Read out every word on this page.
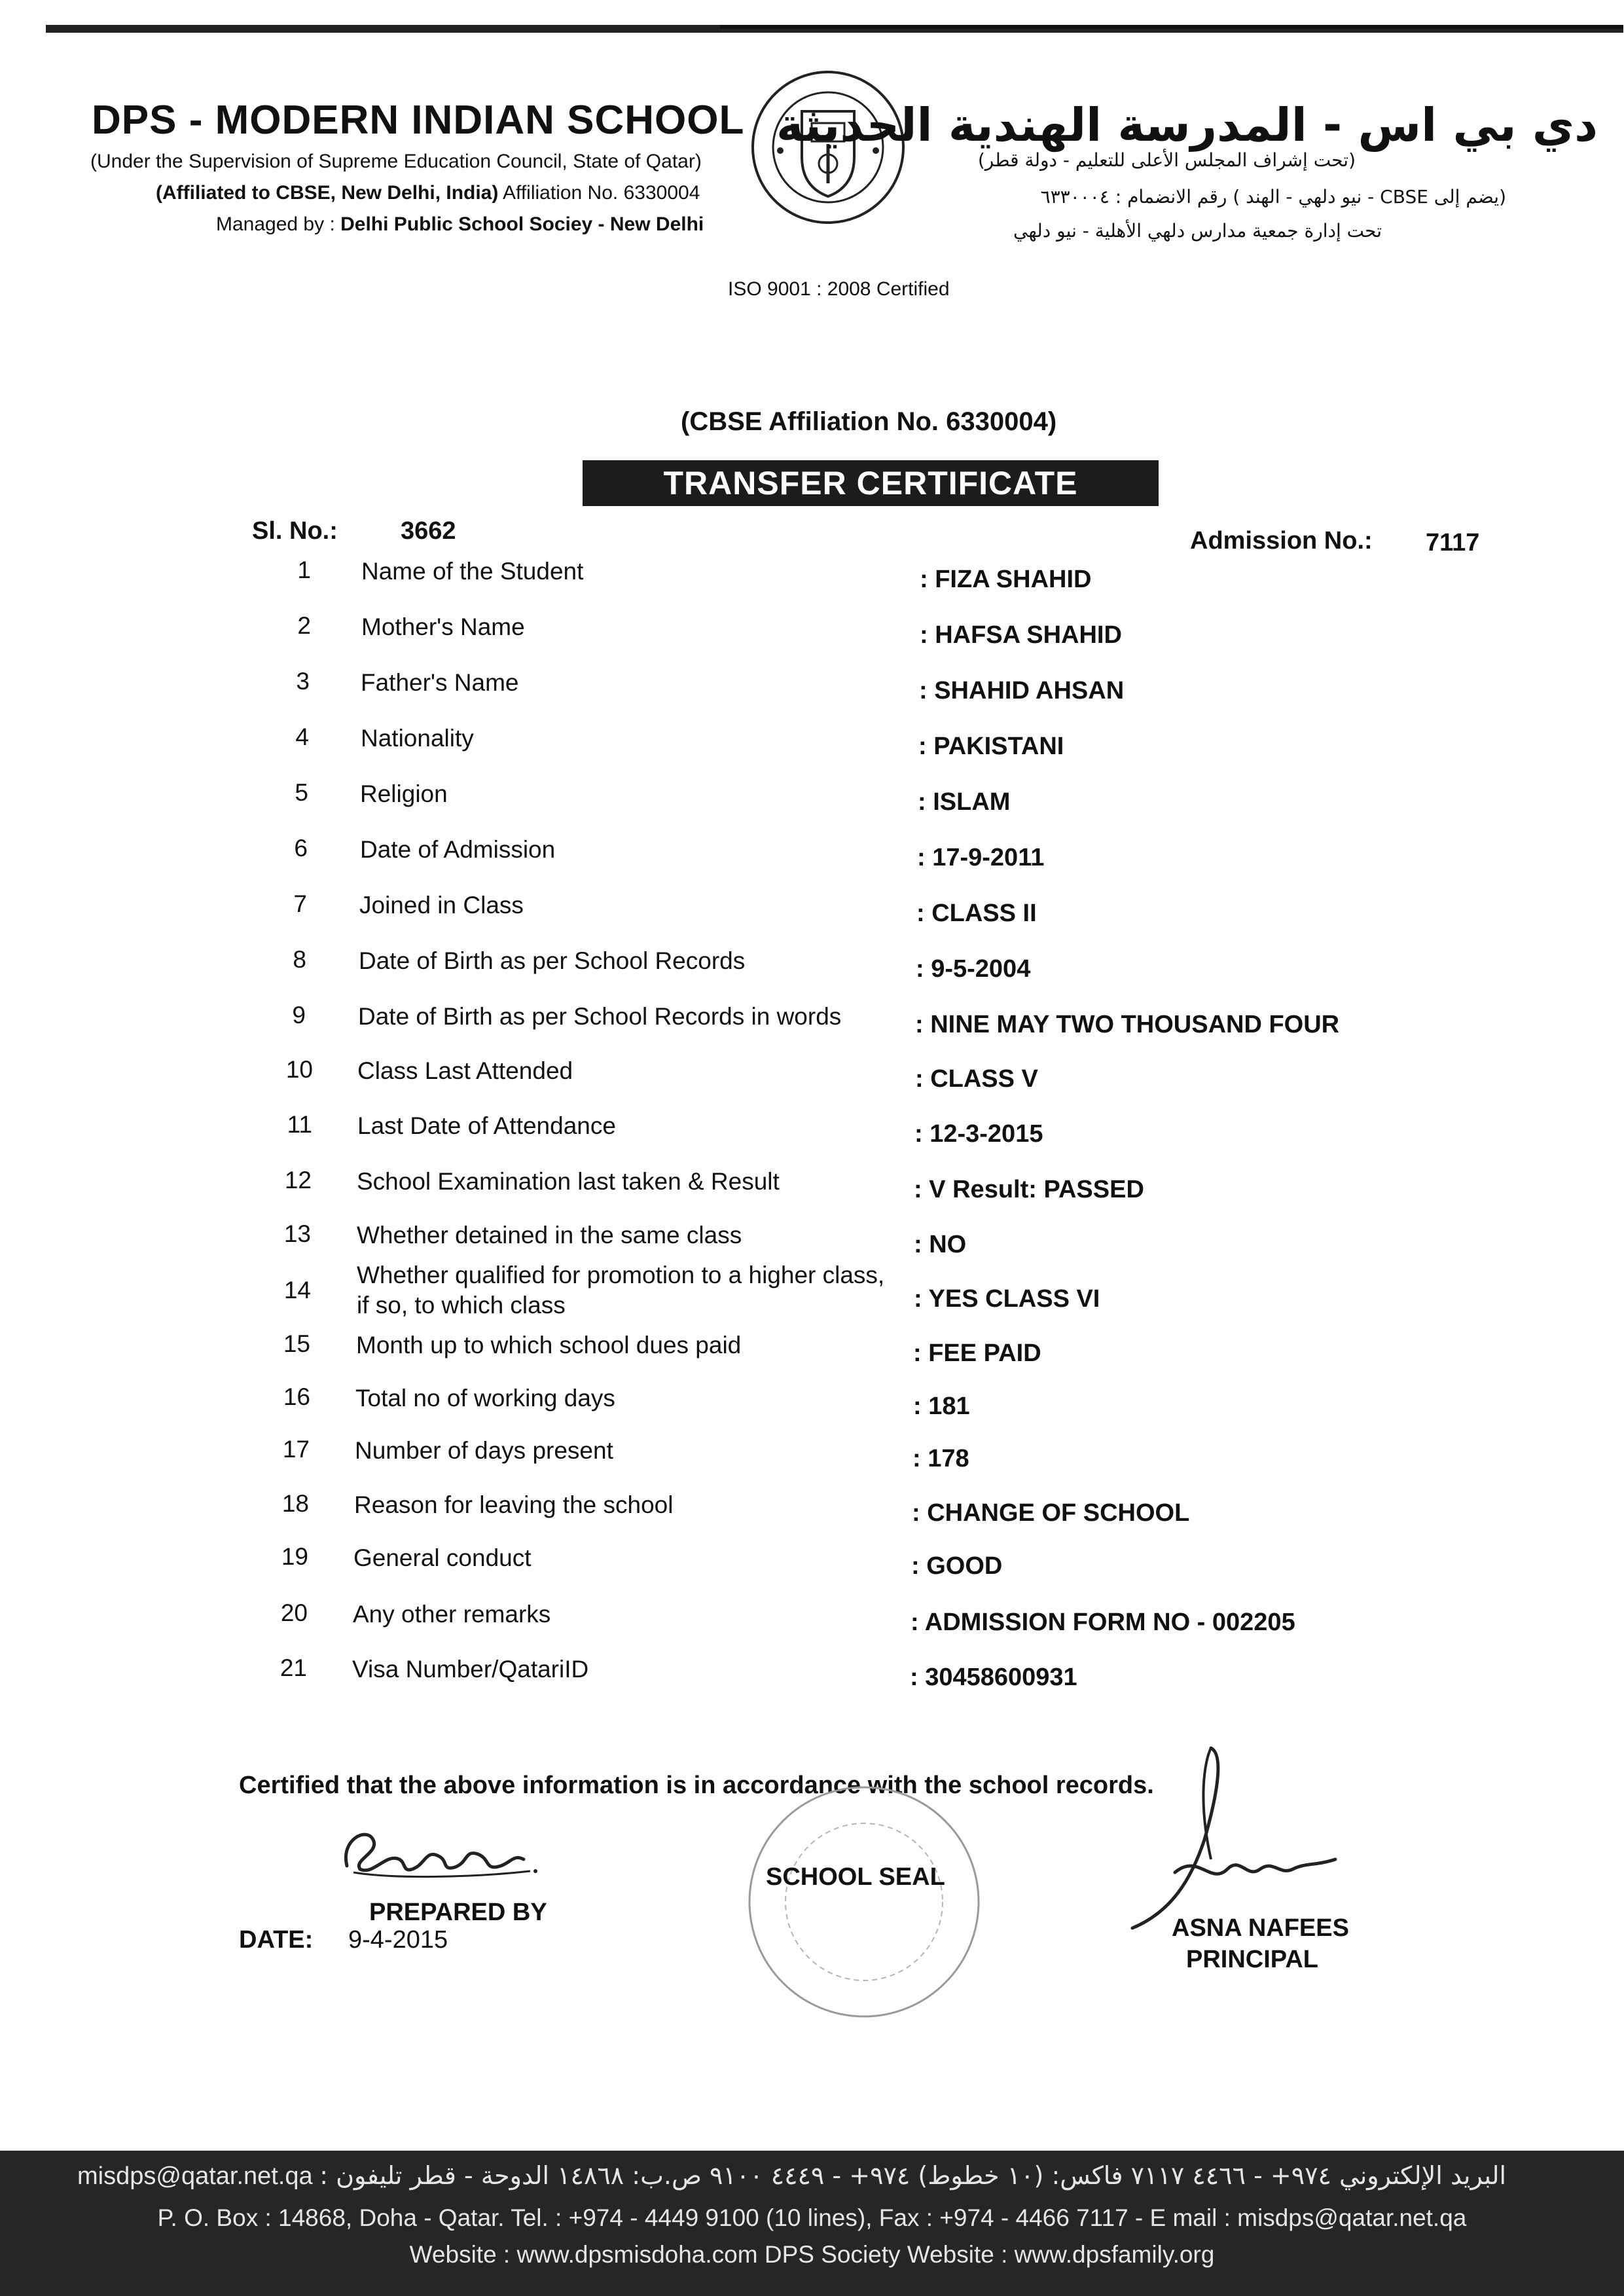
DPS - MODERN INDIAN SCHOOL
(Under the Supervision of Supreme Education Council, State of Qatar)
(Affiliated to CBSE, New Delhi, India) Affiliation No. 6330004
Managed by : Delhi Public School Sociey - New Delhi
ISO 9001 : 2008 Certified
دي بي اس - المدرسة الهندية الحديثة
(تحت إشراف المجلس الأعلى للتعليم - دولة قطر)
(يضم إلى CBSE - نيو دلهي - الهند ) رقم الانضمام : ٦٣٣٠٠٠٤
تحت إدارة جمعية مدارس دلهي الأهلية - نيو دلهي
(CBSE Affiliation No. 6330004)
TRANSFER CERTIFICATE
Sl. No.:	3662	Admission No.: 7117
1 Name of the Student	: FIZA SHAHID
2 Mother's Name	: HAFSA SHAHID
3 Father's Name	: SHAHID AHSAN
4 Nationality	: PAKISTANI
5 Religion	: ISLAM
6 Date of Admission	: 17-9-2011
7 Joined in Class	: CLASS II
8 Date of Birth as per School Records	: 9-5-2004
9 Date of Birth as per School Records in words	: NINE MAY TWO THOUSAND FOUR
10 Class Last Attended	: CLASS V
11 Last Date of Attendance	: 12-3-2015
12 School Examination last taken & Result	: V Result: PASSED
13 Whether detained in the same class	: NO
14
Whether qualified for promotion to a higher class,
if so, to which class	: YES CLASS VI
15 Month up to which school dues paid	: FEE PAID
16 Total no of working days	: 181
17 Number of days present	: 178
18 Reason for leaving the school	: CHANGE OF SCHOOL
19 General conduct	: GOOD
20 Any other remarks	: ADMISSION FORM NO - 002205
21 Visa Number/QatariID	: 30458600931
Certified that the above information is in accordance with the school records.
PREPARED BY
DATE: 9-4-2015
SCHOOL SEAL
ASNA NAFEES
PRINCIPAL
misdps@qatar.net.qa : البريد الإلكتروني ٩٧٤+ - ٤٤٦٦ ٧١١٧ فاكس: (١٠ خطوط) ٩٧٤+ - ٤٤٤٩ ٩١٠٠ ص.ب: ١٤٨٦٨ الدوحة - قطر تليفون
P. O. Box : 14868, Doha - Qatar. Tel. : +974 - 4449 9100 (10 lines), Fax : +974 - 4466 7117 - E mail : misdps@qatar.net.qa
Website : www.dpsmisdoha.com DPS Society Website : www.dpsfamily.org
